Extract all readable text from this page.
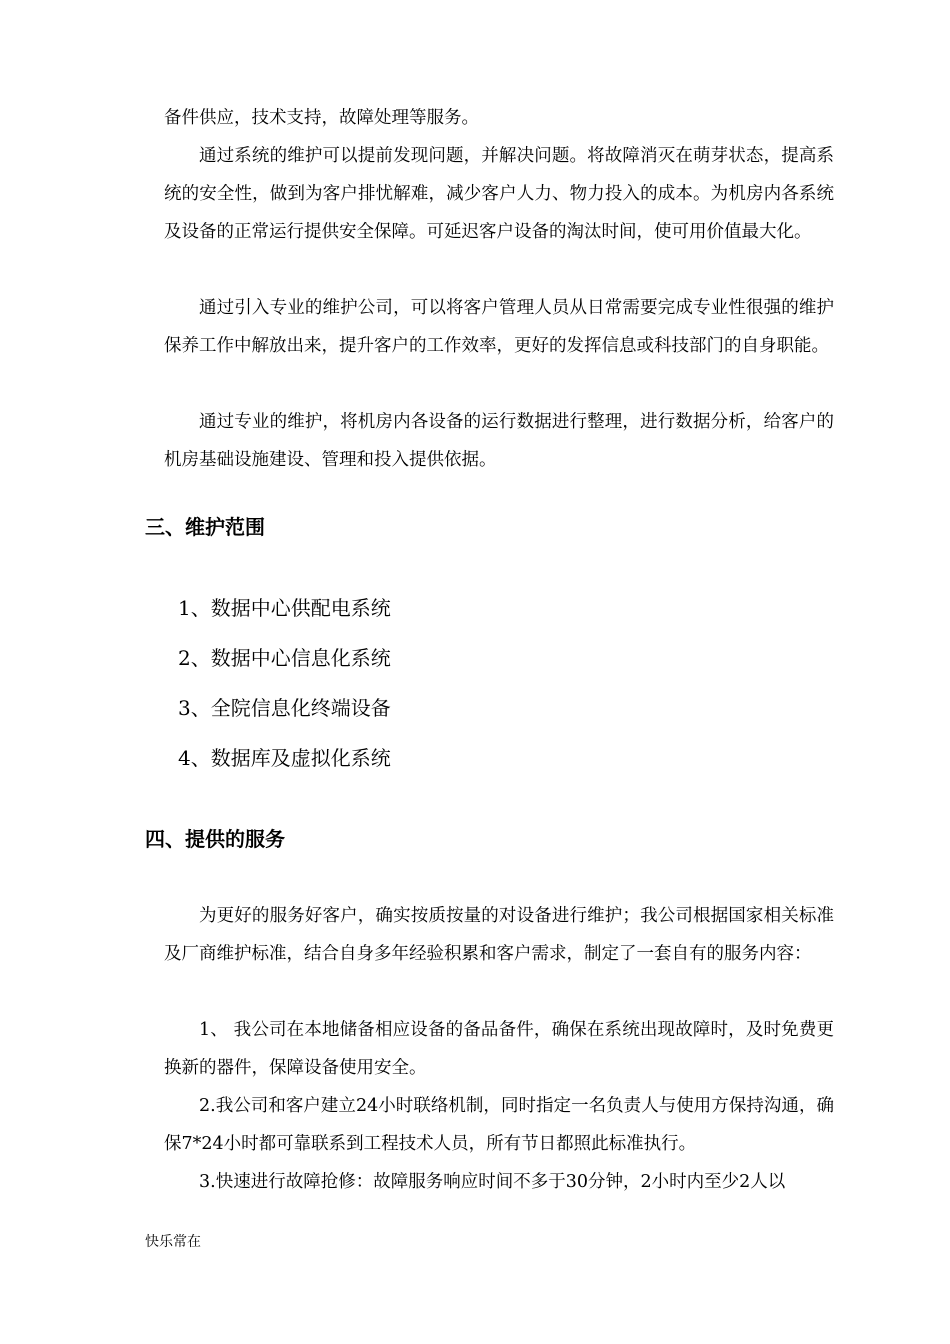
备件供应，技术支持，故障处理等服务。

通过系统的维护可以提前发现问题，并解决问题。将故障消灭在萌芽状态，提高系统的安全性，做到为客户排忧解难，减少客户人力、物力投入的成本。为机房内各系统及设备的正常运行提供安全保障。可延迟客户设备的淘汰时间，使可用价值最大化。

通过引入专业的维护公司，可以将客户管理人员从日常需要完成专业性很强的维护保养工作中解放出来，提升客户的工作效率，更好的发挥信息或科技部门的自身职能。

通过专业的维护，将机房内各设备的运行数据进行整理，进行数据分析，给客户的机房基础设施建设、管理和投入提供依据。

三、维护范围

1、数据中心供配电系统

2、数据中心信息化系统

3、全院信息化终端设备

4、数据库及虚拟化系统

四、提供的服务

为更好的服务好客户，确实按质按量的对设备进行维护；我公司根据国家相关标准及厂商维护标准，结合自身多年经验积累和客户需求，制定了一套自有的服务内容：

1、 我公司在本地储备相应设备的备品备件，确保在系统出现故障时，及时免费更换新的器件，保障设备使用安全。

2.我公司和客户建立24小时联络机制，同时指定一名负责人与使用方保持沟通，确保7*24小时都可靠联系到工程技术人员，所有节日都照此标准执行。

3.快速进行故障抢修：故障服务响应时间不多于30分钟，2小时内至少2人以

快乐常在
